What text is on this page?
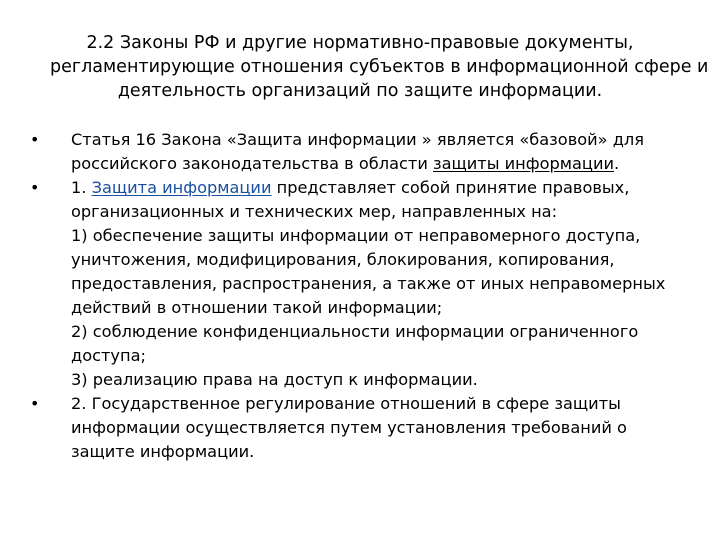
2.2 Законы РФ и другие нормативно-правовые документы,
регламентирующие отношения субъектов в информационной сфере и
деятельность организаций по защите информации.
•	Статья 16 Закона «Защита информации » является «базовой» для
российского законодательства в области защиты информации.
•	1. Защита информации представляет собой принятие правовых,
организационных и технических мер, направленных на:
1) обеспечение защиты информации от неправомерного доступа,
уничтожения, модифицирования, блокирования, копирования,
предоставления, распространения, а также от иных неправомерных
действий в отношении такой информации;
2) соблюдение конфиденциальности информации ограниченного
доступа;
3) реализацию права на доступ к информации.
•	2. Государственное регулирование отношений в сфере защиты
информации осуществляется путем установления требований о
защите информации.
